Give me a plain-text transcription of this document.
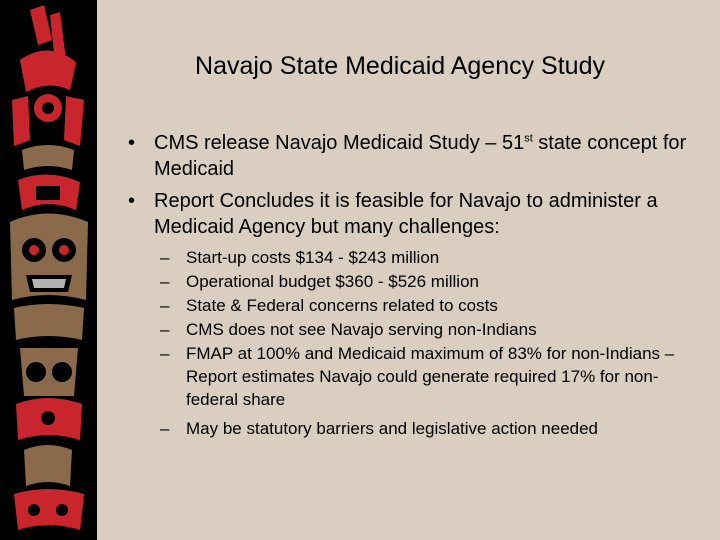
Navajo State Medicaid Agency Study
• CMS release Navajo Medicaid Study – 51st state concept for Medicaid
• Report Concludes it is feasible for Navajo to administer a Medicaid Agency but many challenges:
– Start-up costs $134 - $243 million
– Operational budget $360 - $526 million
– State & Federal concerns related to costs
– CMS does not see Navajo serving non-Indians
– FMAP at 100% and Medicaid maximum of 83% for non-Indians – Report estimates Navajo could generate required 17% for non-federal share
– May be statutory barriers and legislative action needed
